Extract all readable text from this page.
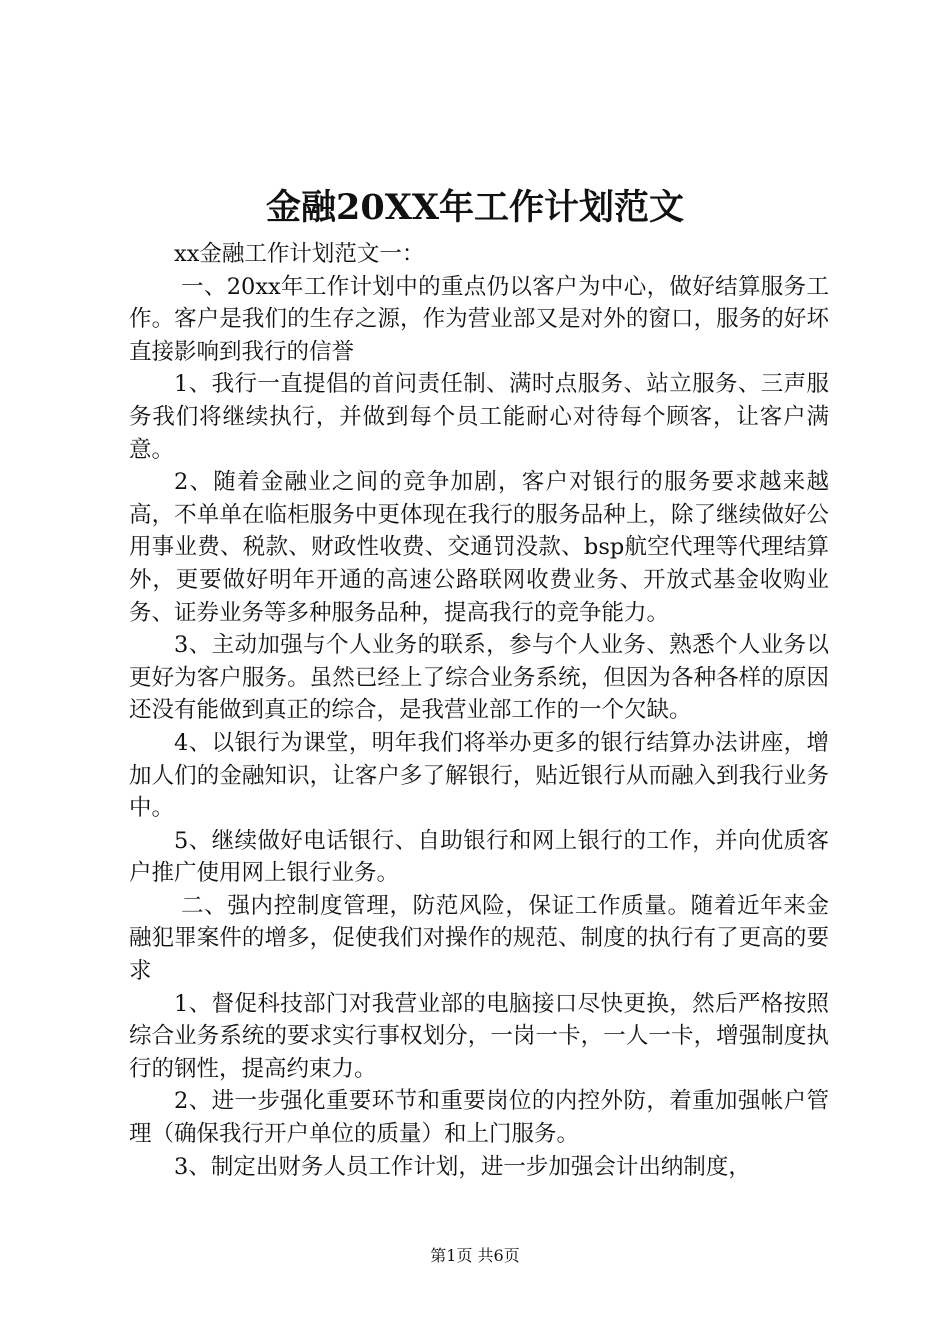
金融20XX年工作计划范文

xx金融工作计划范文一：

一、20xx年工作计划中的重点仍以客户为中心，做好结算服务工作。客户是我们的生存之源，作为营业部又是对外的窗口，服务的好坏直接影响到我行的信誉

1、我行一直提倡的首问责任制、满时点服务、站立服务、三声服务我们将继续执行，并做到每个员工能耐心对待每个顾客，让客户满意。

2、随着金融业之间的竞争加剧，客户对银行的服务要求越来越高，不单单在临柜服务中更体现在我行的服务品种上，除了继续做好公用事业费、税款、财政性收费、交通罚没款、bsp航空代理等代理结算外，更要做好明年开通的高速公路联网收费业务、开放式基金收购业务、证券业务等多种服务品种，提高我行的竞争能力。

3、主动加强与个人业务的联系，参与个人业务、熟悉个人业务以更好为客户服务。虽然已经上了综合业务系统，但因为各种各样的原因还没有能做到真正的综合，是我营业部工作的一个欠缺。

4、以银行为课堂，明年我们将举办更多的银行结算办法讲座，增加人们的金融知识，让客户多了解银行，贴近银行从而融入到我行业务中。

5、继续做好电话银行、自助银行和网上银行的工作，并向优质客户推广使用网上银行业务。

二、强内控制度管理，防范风险，保证工作质量。随着近年来金融犯罪案件的增多，促使我们对操作的规范、制度的执行有了更高的要求

1、督促科技部门对我营业部的电脑接口尽快更换，然后严格按照综合业务系统的要求实行事权划分，一岗一卡，一人一卡，增强制度执行的钢性，提高约束力。

2、进一步强化重要环节和重要岗位的内控外防，着重加强帐户管理（确保我行开户单位的质量）和上门服务。

3、制定出财务人员工作计划，进一步加强会计出纳制度，

第1页 共6页
